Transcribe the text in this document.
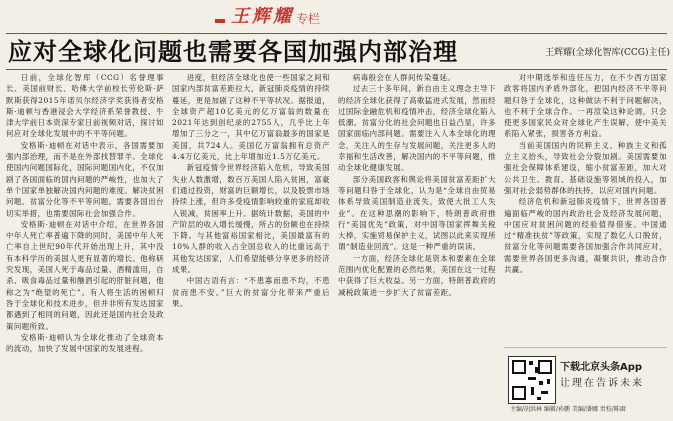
王辉耀 专栏
应对全球化问题也需要各国加强内部治理	王辉耀(全球化智库(CCG)主任)

日前，全球化智库（CCG）名誉理事长、美国前财长、哈佛大学前校长劳伦斯·萨默斯获得2015年诺贝尔经济学奖获得者安格斯·迪顿与香港浸会大学经济系荣誉教授、牛津大学前日本资深专家日前视频对话，探讨如何应对全球化发展中的不平等问题。

安格斯·迪顿在对话中表示，各国需要加强内部治理，而不是在外部找替罪羊。全球化使国内问题国际化，国际问题国内化，不仅加剧了各国面临的国内问题的严峻性，也加大了单个国家单独解决国内问题的难度。解决贫困问题、贫富分化等不平等问题，需要各国出台切实举措，也需要国际社会加强合作。

安格斯·迪顿在对话中介绍，在世界各国中年人死亡率普遍下降的同时，美国中年人死亡率自上世纪90年代开始出现上升，其中没有本科学历的美国人更有显著的增长。他称研究发现，美国人死于毒品过量、酒精滥用，自杀、吸食毒品过量和酗酒引起的肝脏问题，他称之为“绝望的死亡”。有人将生活的困顿归咎于全球化和技术进步，但并非所有发达国家都遇到了相同的问题，因此还是国内社会及政策问题所致。

安格斯·迪顿认为全球化推动了全球资本的流动，加快了发展中国家的发展进程。

进度，但经济全球化也使一些国家之间和国家内部贫富差距拉大，新冠肺炎疫情的持续蔓延，更是加剧了这种不平等状况。据报道，全球资产超10亿美元的亿万富翁的数量在2021年达到创纪录的2755人，几乎比上年增加了三分之一，其中亿万富翁最多的国家是美国，共724人。美国亿万富翁拥有总资产4.4万亿美元，比上年增加近1.5万亿美元。

新冠疫情令世界经济陷入危机，导致美国失业人数激增，数百万美国人陷入贫困，富豪们通过投资，财富的巨额增长，以及股票市场持续上涨，但许多受疫情影响较重的家庭却收入锐减，贫困率上升。据统计数据，美国的中产阶层的收入增长缓慢，所占的份额也在持续下降。与其他富裕国家相比，美国最富有的10%人群的收入占全国总收入的比重远高于其他发达国家，人们希望能够分享更多的经济成果。

中国古语有言：“不患寡而患不均，不患贫而患不安。”巨大的贫富分化带来严重后果。

病毒般会在人群间传染蔓延。

过去三十多年间，新自由主义理念主导下的经济全球化获得了高歌猛进式发展，然而经过国际金融危机和疫情冲击，经济全球化陷入低潮。贫富分化的社会问题也日益凸显，许多国家面临内部问题。需要注入人本全球化的理念，关注人的生存与发展问题，关注更多人的幸福和生活改善，解决国内的不平等问题，推动全球化健康发展。

部分美国政客和舆论将美国贫富差距扩大等问题归咎于全球化，认为是“全球自由贸易体系导致美国制造业流失，致使大批工人失业”。在这种思潮的影响下，特朗普政府推行“美国优先”政策，对中国等国家挥舞关税大棒，实施贸易保护主义，试图以此来实现所谓“制造业回流”。这是一种严重的误读。

一方面，经济全球化是资本和要素在全球范围内优化配置的必然结果，美国在这一过程中获得了巨大收益。另一方面，特朗普政府的减税政策进一步扩大了贫富差距。

对中期选举和连任压力，在不少西方国家政客将国内矛盾外部化，把国内经济不平等问题归咎于全球化，这种做法不利于问题解决，也不利于全球合作。一再渲染这种论调，只会使更多国家民众对全球化产生误解，使中美关系陷入紧张，损害各方利益。

当前美国国内的民粹主义、种族主义和孤立主义抬头，导致社会分裂加剧。美国需要加强社会保障体系建设，缩小贫富差距，加大对公共卫生、教育、基础设施等领域的投入，加强对社会弱势群体的扶持，以应对国内问题。

经济危机和新冠肺炎疫情下，世界各国普遍面临严峻的国内政治社会及经济发展问题，中国应对贫困问题的经验值得借鉴。中国通过“精准扶贫”等政策，实现了数亿人口脱贫，贫富分化等问题需要各国加强合作共同应对，需要世界各国更多沟通，凝聚共识，推动合作共赢。

下载北京头条App
让理在告诉未来
主编/胡洪林 编辑/孙鹏 美编/潘娜 责校/陈赓
